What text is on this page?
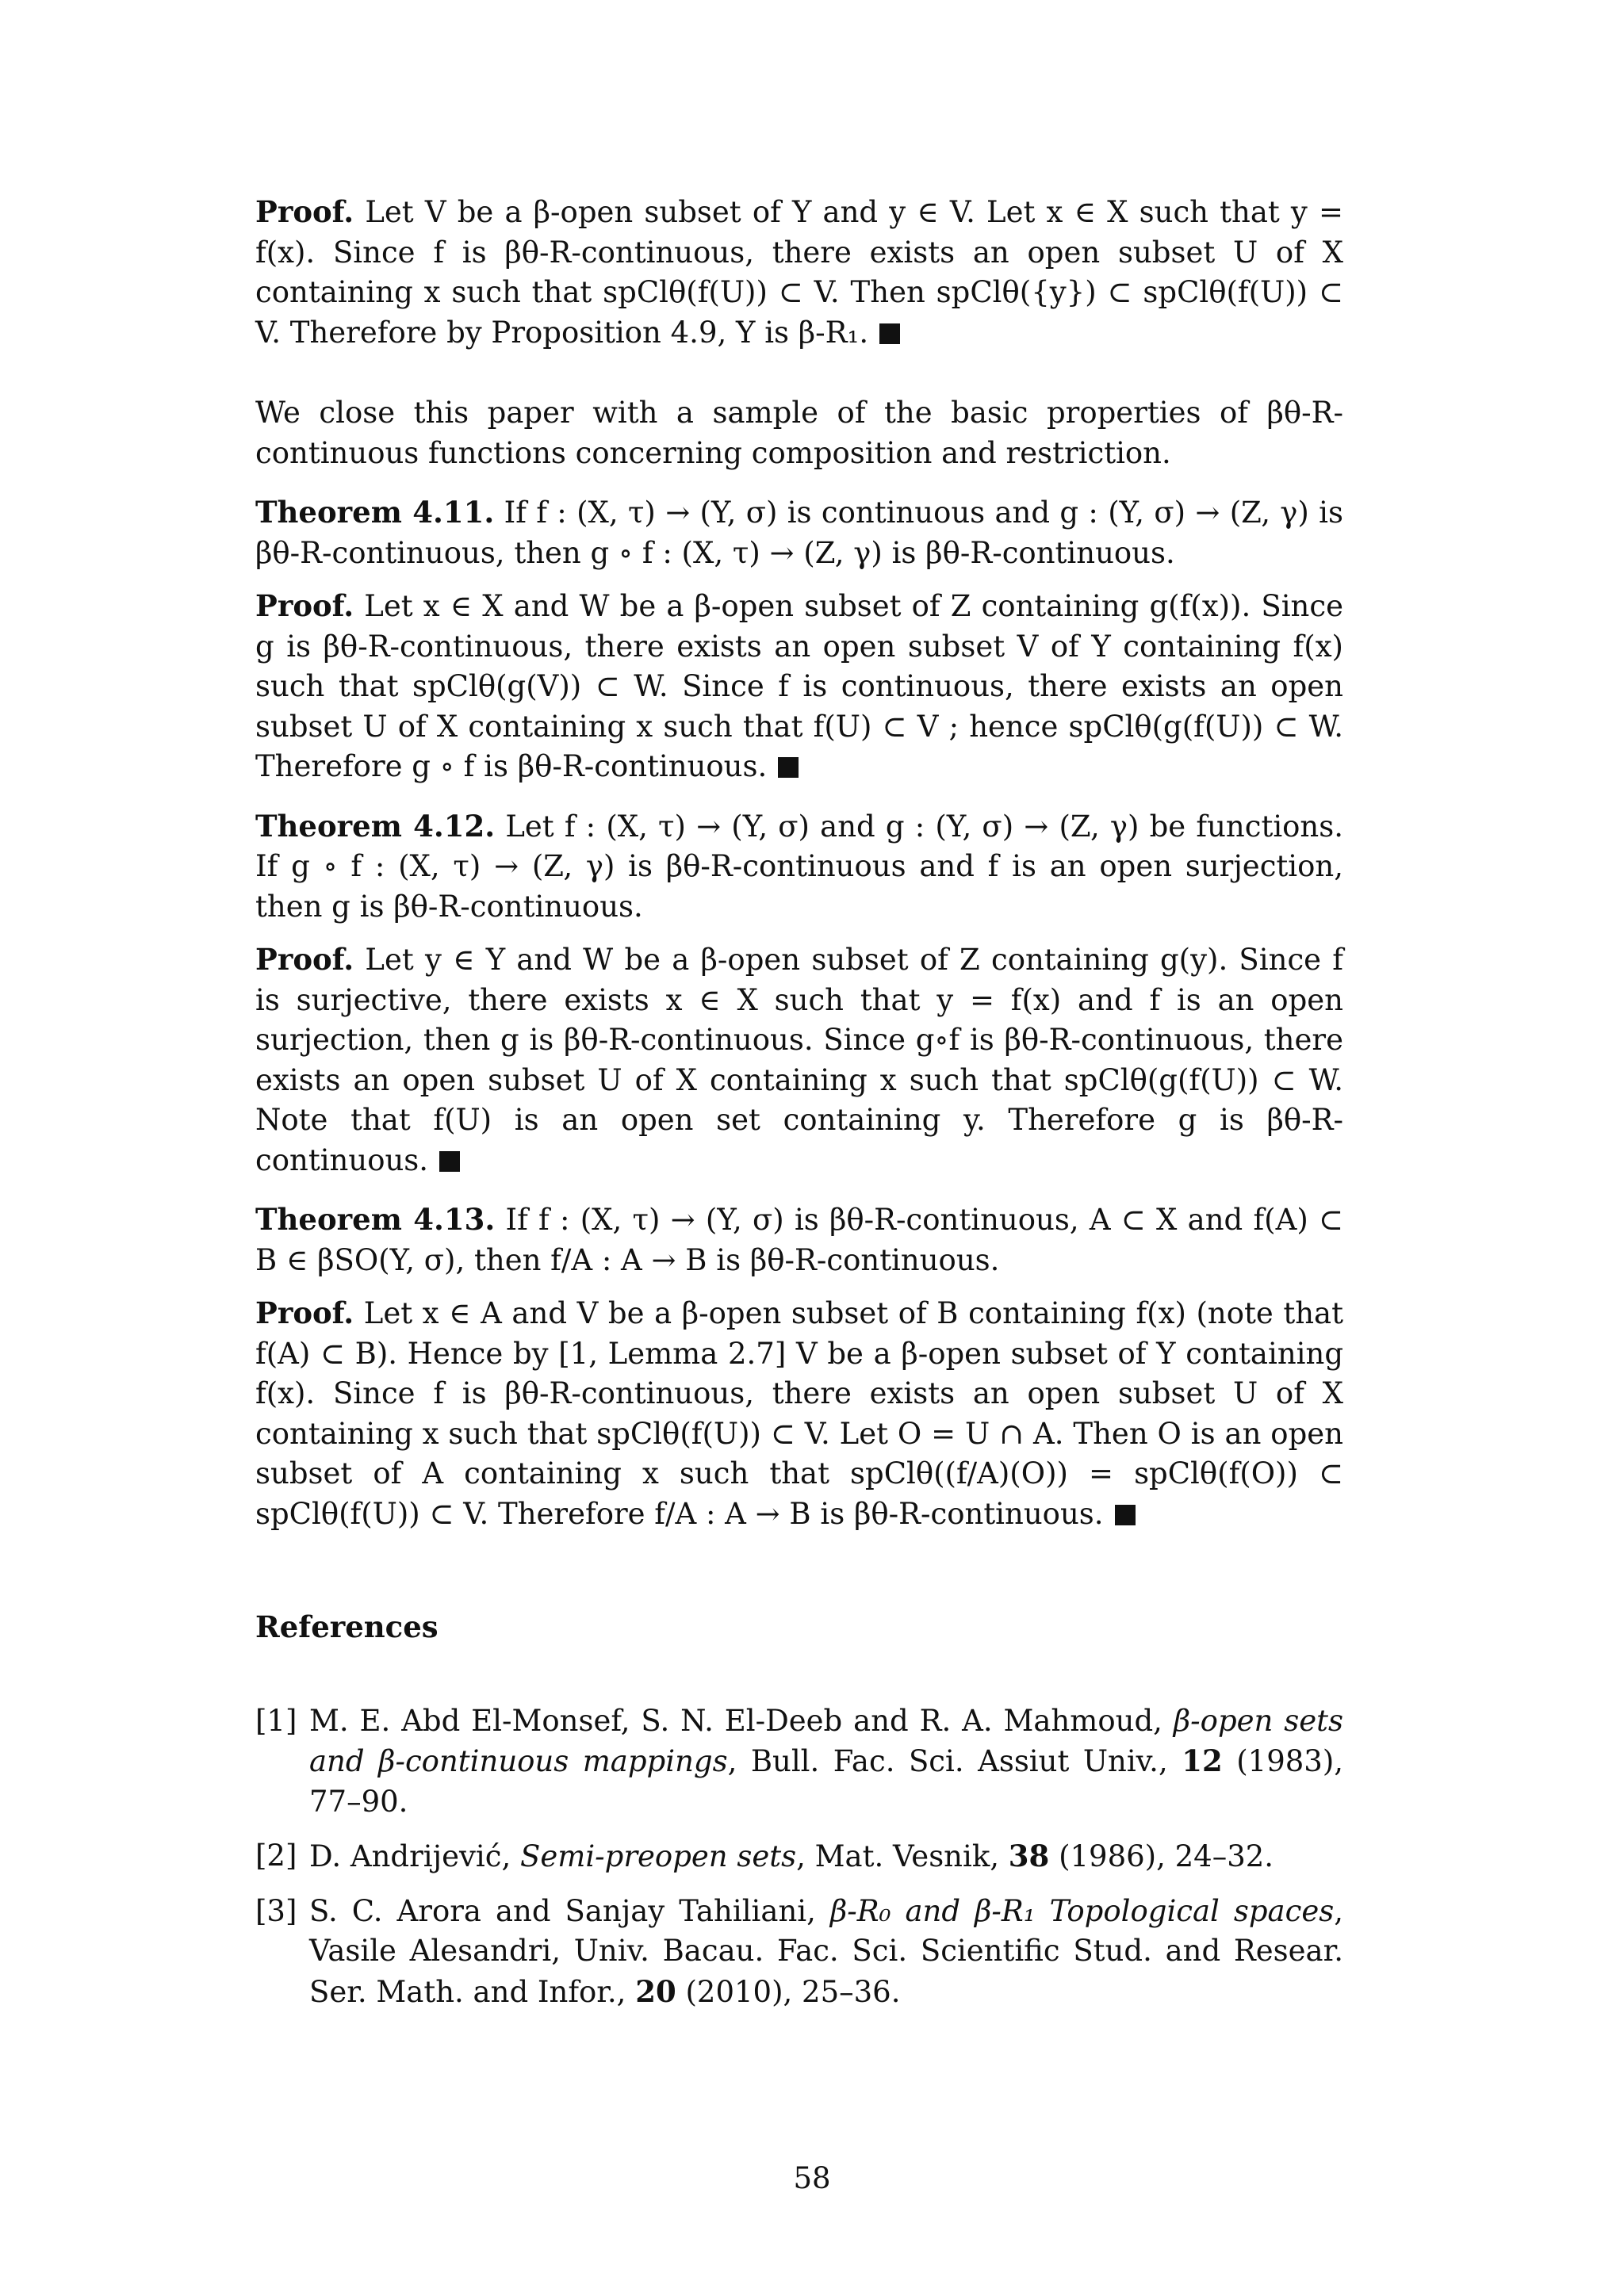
Proof. Let V be a β-open subset of Y and y ∈ V. Let x ∈ X such that y = f(x). Since f is βθ-R-continuous, there exists an open subset U of X containing x such that spClθ(f(U)) ⊂ V. Then spClθ({y}) ⊂ spClθ(f(U)) ⊂ V. Therefore by Proposition 4.9, Y is β-R₁.

We close this paper with a sample of the basic properties of βθ-R-continuous functions concerning composition and restriction.

Theorem 4.11. If f : (X, τ) → (Y, σ) is continuous and g : (Y, σ) → (Z, γ) is βθ-R-continuous, then g ∘ f : (X, τ) → (Z, γ) is βθ-R-continuous.

Proof. Let x ∈ X and W be a β-open subset of Z containing g(f(x)). Since g is βθ-R-continuous, there exists an open subset V of Y containing f(x) such that spClθ(g(V)) ⊂ W. Since f is continuous, there exists an open subset U of X containing x such that f(U) ⊂ V ; hence spClθ(g(f(U)) ⊂ W. Therefore g ∘ f is βθ-R-continuous.

Theorem 4.12. Let f : (X, τ) → (Y, σ) and g : (Y, σ) → (Z, γ) be functions. If g ∘ f : (X, τ) → (Z, γ) is βθ-R-continuous and f is an open surjection, then g is βθ-R-continuous.

Proof. Let y ∈ Y and W be a β-open subset of Z containing g(y). Since f is surjective, there exists x ∈ X such that y = f(x) and f is an open surjection, then g is βθ-R-continuous. Since g∘f is βθ-R-continuous, there exists an open subset U of X containing x such that spClθ(g(f(U)) ⊂ W. Note that f(U) is an open set containing y. Therefore g is βθ-R-continuous.

Theorem 4.13. If f : (X, τ) → (Y, σ) is βθ-R-continuous, A ⊂ X and f(A) ⊂ B ∈ βSO(Y, σ), then f/A : A → B is βθ-R-continuous.

Proof. Let x ∈ A and V be a β-open subset of B containing f(x) (note that f(A) ⊂ B). Hence by [1, Lemma 2.7] V be a β-open subset of Y containing f(x). Since f is βθ-R-continuous, there exists an open subset U of X containing x such that spClθ(f(U)) ⊂ V. Let O = U ∩ A. Then O is an open subset of A containing x such that spClθ((f/A)(O)) = spClθ(f(O)) ⊂ spClθ(f(U)) ⊂ V. Therefore f/A : A → B is βθ-R-continuous.

References
[1] M. E. Abd El-Monsef, S. N. El-Deeb and R. A. Mahmoud, β-open sets and β-continuous mappings, Bull. Fac. Sci. Assiut Univ., 12 (1983), 77–90.
[2] D. Andrijević, Semi-preopen sets, Mat. Vesnik, 38 (1986), 24–32.
[3] S. C. Arora and Sanjay Tahiliani, β-R₀ and β-R₁ Topological spaces, Vasile Alesandri, Univ. Bacau. Fac. Sci. Scientific Stud. and Resear. Ser. Math. and Infor., 20 (2010), 25–36.
58
